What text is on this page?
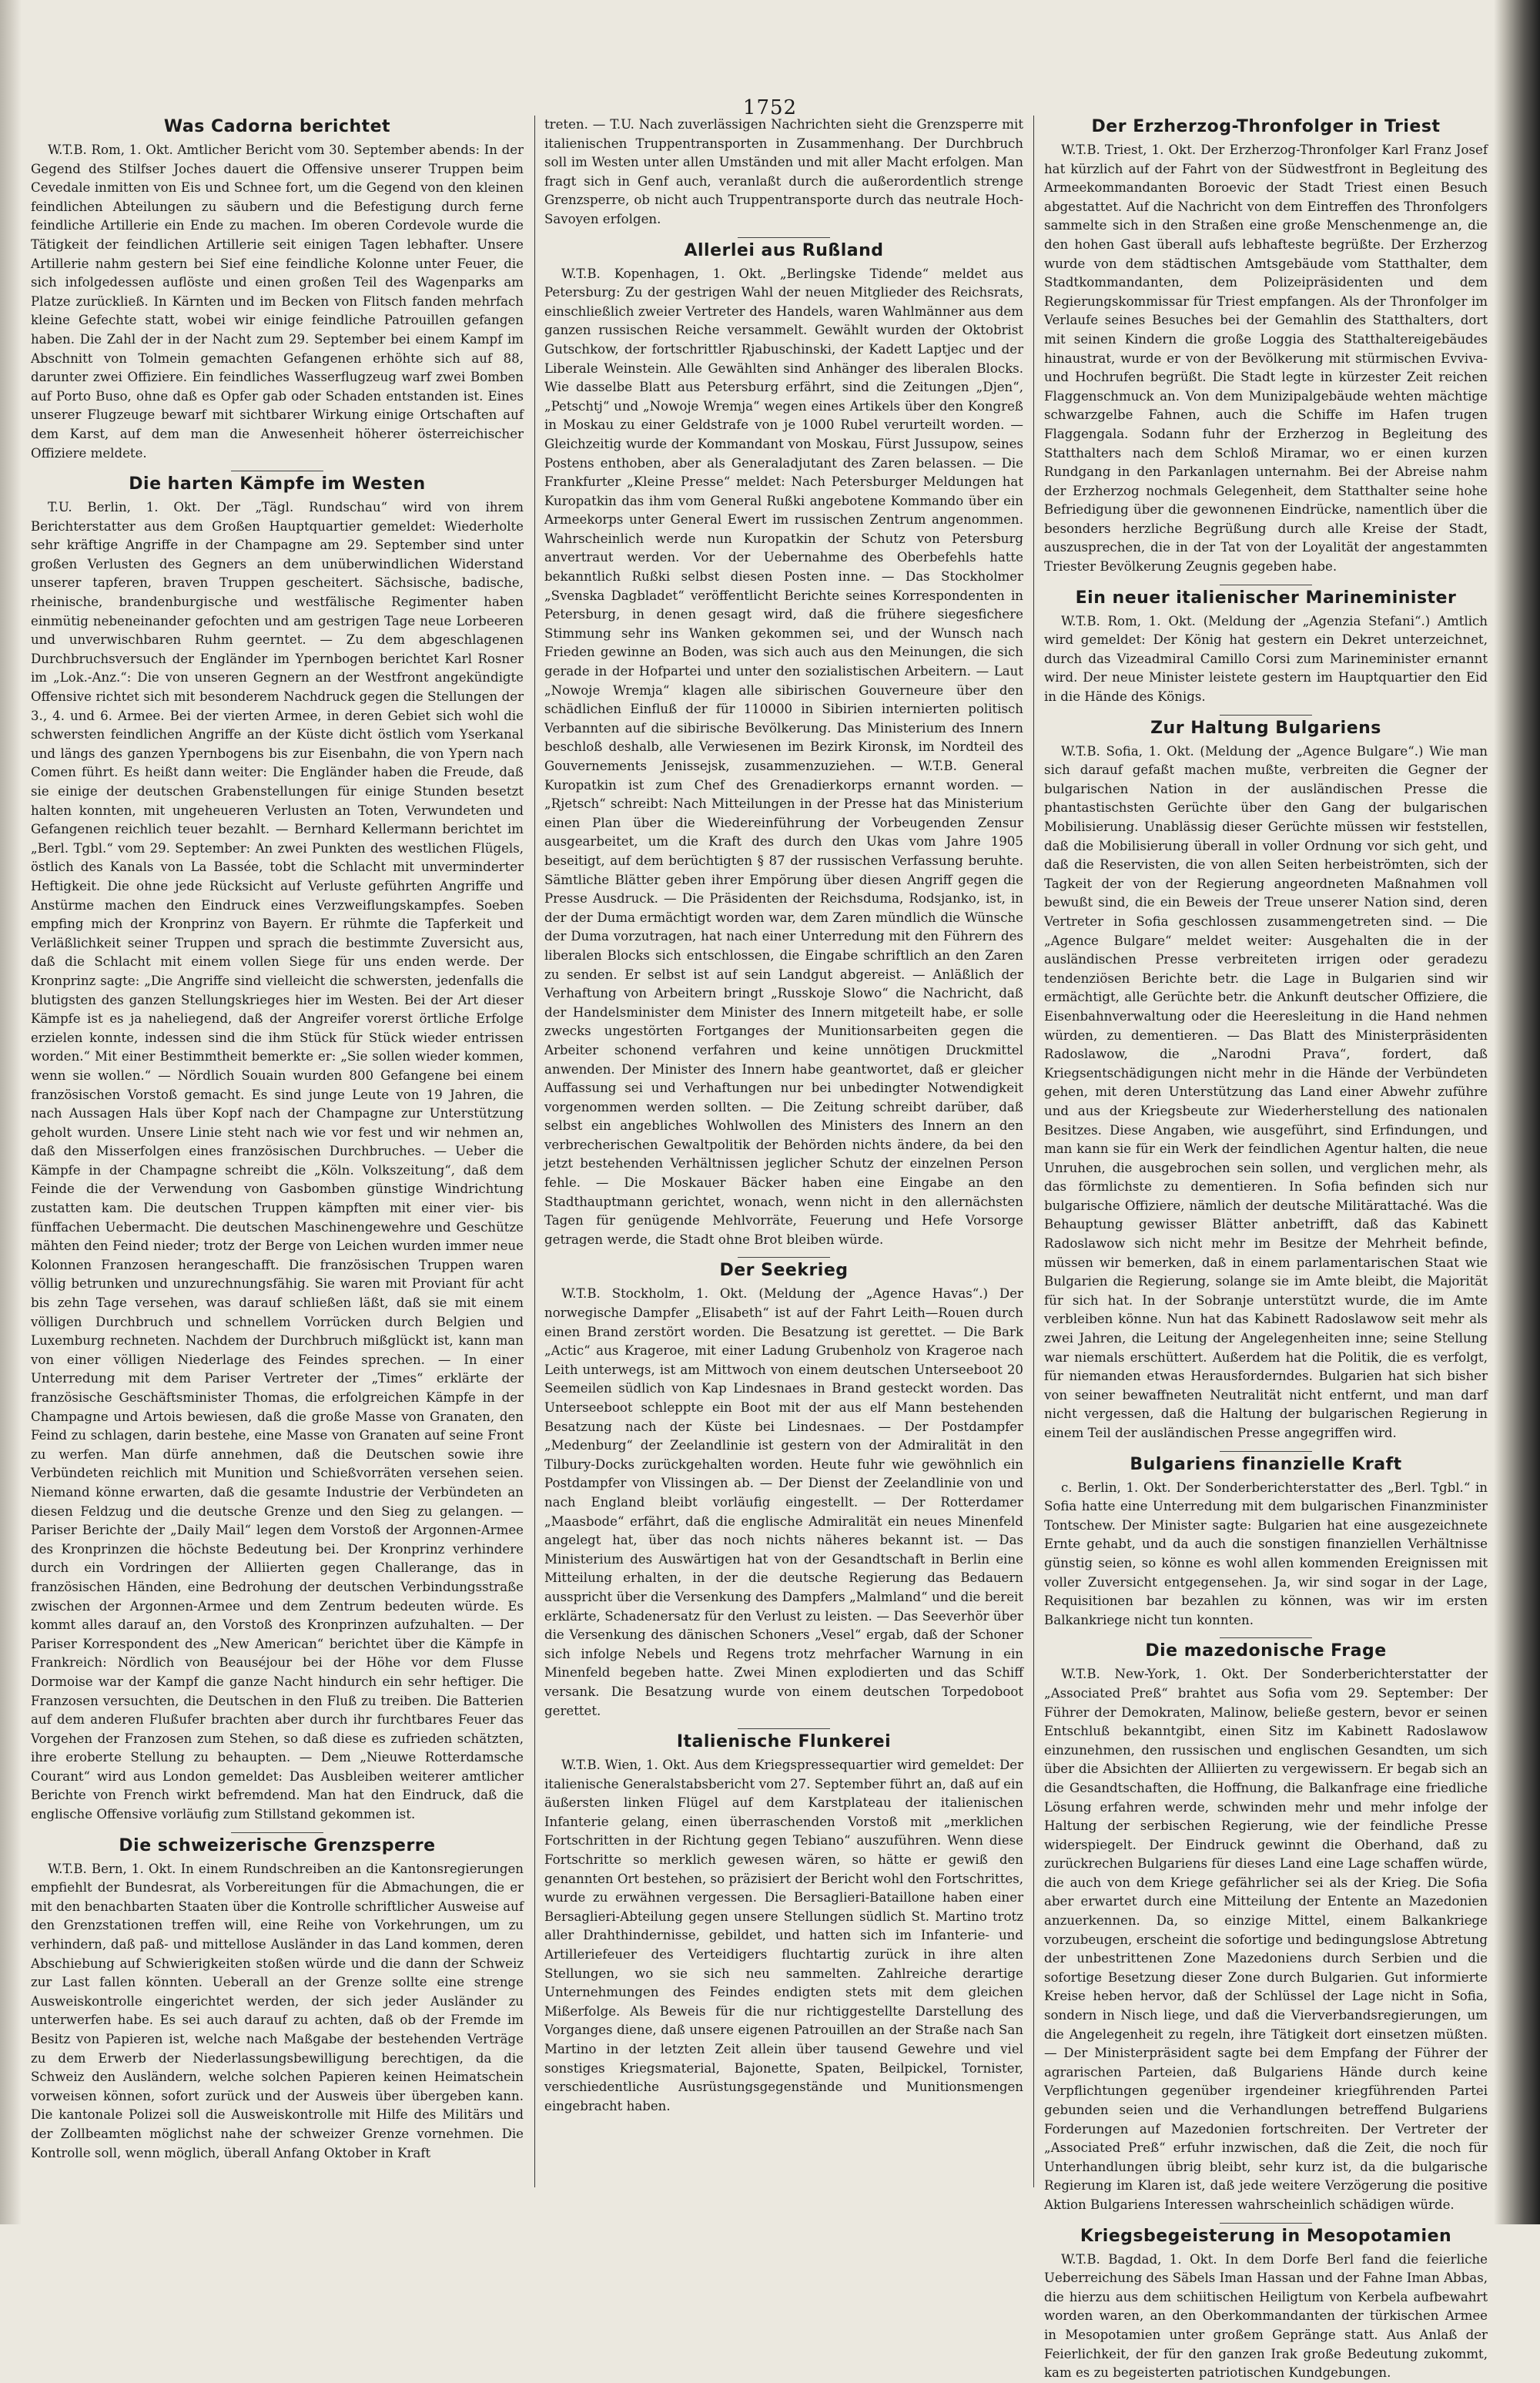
1752
Was Cadorna berichtet

W.T.B. Rom, 1. Okt. Amtlicher Bericht vom 30. September abends: In der Gegend des Stilfser Joches dauert die Offensive unserer Truppen beim Cevedale inmitten von Eis und Schnee fort, um die Gegend von den kleinen feindlichen Abteilungen zu säubern und die Befestigung durch ferne feindliche Artillerie ein Ende zu machen. Im oberen Cordevole wurde die Tätigkeit der feindlichen Artillerie seit einigen Tagen lebhafter. Unsere Artillerie nahm gestern bei Sief eine feindliche Kolonne unter Feuer, die sich infolgedessen auflöste und einen großen Teil des Wagenparks am Platze zurückließ. In Kärnten und im Becken von Flitsch fanden mehrfach kleine Gefechte statt, wobei wir einige feindliche Patrouillen gefangen haben. Die Zahl der in der Nacht zum 29. September bei einem Kampf im Abschnitt von Tolmein gemachten Gefangenen erhöhte sich auf 88, darunter zwei Offiziere. Ein feindliches Wasserflugzeug warf zwei Bomben auf Porto Buso, ohne daß es Opfer gab oder Schaden entstanden ist. Eines unserer Flugzeuge bewarf mit sichtbarer Wirkung einige Ortschaften auf dem Karst, auf dem man die Anwesenheit höherer österreichischer Offiziere meldete.

Die harten Kämpfe im Westen

T.U. Berlin, 1. Okt. Der „Tägl. Rundschau“ wird von ihrem Berichterstatter aus dem Großen Hauptquartier gemeldet: Wiederholte sehr kräftige Angriffe in der Champagne am 29. September sind unter großen Verlusten des Gegners an dem unüberwindlichen Widerstand unserer tapferen, braven Truppen gescheitert. Sächsische, badische, rheinische, brandenburgische und westfälische Regimenter haben einmütig nebeneinander gefochten und am gestrigen Tage neue Lorbeeren und unverwischbaren Ruhm geerntet. — Zu dem abgeschlagenen Durchbruchsversuch der Engländer im Ypernbogen berichtet Karl Rosner im „Lok.-Anz.“: Die von unseren Gegnern an der Westfront angekündigte Offensive richtet sich mit besonderem Nachdruck gegen die Stellungen der 3., 4. und 6. Armee. Bei der vierten Armee, in deren Gebiet sich wohl die schwersten feindlichen Angriffe an der Küste dicht östlich vom Yserkanal und längs des ganzen Ypernbogens bis zur Eisenbahn, die von Ypern nach Comen führt. Es heißt dann weiter: Die Engländer haben die Freude, daß sie einige der deutschen Grabenstellungen für einige Stunden besetzt halten konnten, mit ungeheueren Verlusten an Toten, Verwundeten und Gefangenen reichlich teuer bezahlt. — Bernhard Kellermann berichtet im „Berl. Tgbl.“ vom 29. September: An zwei Punkten des westlichen Flügels, östlich des Kanals von La Bassée, tobt die Schlacht mit unverminderter Heftigkeit. Die ohne jede Rücksicht auf Verluste geführten Angriffe und Anstürme machen den Eindruck eines Verzweiflungskampfes. Soeben empfing mich der Kronprinz von Bayern. Er rühmte die Tapferkeit und Verläßlichkeit seiner Truppen und sprach die bestimmte Zuversicht aus, daß die Schlacht mit einem vollen Siege für uns enden werde. Der Kronprinz sagte: „Die Angriffe sind vielleicht die schwersten, jedenfalls die blutigsten des ganzen Stellungskrieges hier im Westen. Bei der Art dieser Kämpfe ist es ja naheliegend, daß der Angreifer vorerst örtliche Erfolge erzielen konnte, indessen sind die ihm Stück für Stück wieder entrissen worden.“ Mit einer Bestimmtheit bemerkte er: „Sie sollen wieder kommen, wenn sie wollen.“ — Nördlich Souain wurden 800 Gefangene bei einem französischen Vorstoß gemacht. Es sind junge Leute von 19 Jahren, die nach Aussagen Hals über Kopf nach der Champagne zur Unterstützung geholt wurden. Unsere Linie steht nach wie vor fest und wir nehmen an, daß den Misserfolgen eines französischen Durchbruches. — Ueber die Kämpfe in der Champagne schreibt die „Köln. Volkszeitung“, daß dem Feinde die der Verwendung von Gasbomben günstige Windrichtung zustatten kam. Die deutschen Truppen kämpften mit einer vier- bis fünffachen Uebermacht. Die deutschen Maschinengewehre und Geschütze mähten den Feind nieder; trotz der Berge von Leichen wurden immer neue Kolonnen Franzosen herangeschafft. Die französischen Truppen waren völlig betrunken und unzurechnungsfähig. Sie waren mit Proviant für acht bis zehn Tage versehen, was darauf schließen läßt, daß sie mit einem völligen Durchbruch und schnellem Vorrücken durch Belgien und Luxemburg rechneten. Nachdem der Durchbruch mißglückt ist, kann man von einer völligen Niederlage des Feindes sprechen. — In einer Unterredung mit dem Pariser Vertreter der „Times“ erklärte der französische Geschäftsminister Thomas, die erfolgreichen Kämpfe in der Champagne und Artois bewiesen, daß die große Masse von Granaten, den Feind zu schlagen, darin bestehe, eine Masse von Granaten auf seine Front zu werfen. Man dürfe annehmen, daß die Deutschen sowie ihre Verbündeten reichlich mit Munition und Schießvorräten versehen seien. Niemand könne erwarten, daß die gesamte Industrie der Verbündeten an diesen Feldzug und die deutsche Grenze und den Sieg zu gelangen. — Pariser Berichte der „Daily Mail“ legen dem Vorstoß der Argonnen-Armee des Kronprinzen die höchste Bedeutung bei. Der Kronprinz verhindere durch ein Vordringen der Alliierten gegen Challerange, das in französischen Händen, eine Bedrohung der deutschen Verbindungsstraße zwischen der Argonnen-Armee und dem Zentrum bedeuten würde. Es kommt alles darauf an, den Vorstoß des Kronprinzen aufzuhalten. — Der Pariser Korrespondent des „New American“ berichtet über die Kämpfe in Frankreich: Nördlich von Beauséjour bei der Höhe vor dem Flusse Dormoise war der Kampf die ganze Nacht hindurch ein sehr heftiger. Die Franzosen versuchten, die Deutschen in den Fluß zu treiben. Die Batterien auf dem anderen Flußufer brachten aber durch ihr furchtbares Feuer das Vorgehen der Franzosen zum Stehen, so daß diese es zufrieden schätzten, ihre eroberte Stellung zu behaupten. — Dem „Nieuwe Rotterdamsche Courant“ wird aus London gemeldet: Das Ausbleiben weiterer amtlicher Berichte von French wirkt befremdend. Man hat den Eindruck, daß die englische Offensive vorläufig zum Stillstand gekommen ist.

Die schweizerische Grenzsperre

W.T.B. Bern, 1. Okt. In einem Rundschreiben an die Kantonsregierungen empfiehlt der Bundesrat, als Vorbereitungen für die Abmachungen, die er mit den benachbarten Staaten über die Kontrolle schriftlicher Ausweise auf den Grenzstationen treffen will, eine Reihe von Vorkehrungen, um zu verhindern, daß paß- und mittellose Ausländer in das Land kommen, deren Abschiebung auf Schwierigkeiten stoßen würde und die dann der Schweiz zur Last fallen könnten. Ueberall an der Grenze sollte eine strenge Ausweiskontrolle eingerichtet werden, der sich jeder Ausländer zu unterwerfen habe. Es sei auch darauf zu achten, daß ob der Fremde im Besitz von Papieren ist, welche nach Maßgabe der bestehenden Verträge zu dem Erwerb der Niederlassungsbewilligung berechtigen, da die Schweiz den Ausländern, welche solchen Papieren keinen Heimatschein vorweisen können, sofort zurück und der Ausweis über übergeben kann. Die kantonale Polizei soll die Ausweiskontrolle mit Hilfe des Militärs und der Zollbeamten möglichst nahe der schweizer Grenze vornehmen. Die Kontrolle soll, wenn möglich, überall Anfang Oktober in Kraft

treten. — T.U. Nach zuverlässigen Nachrichten sieht die Grenzsperre mit italienischen Truppentransporten in Zusammenhang. Der Durchbruch soll im Westen unter allen Umständen und mit aller Macht erfolgen. Man fragt sich in Genf auch, veranlaßt durch die außerordentlich strenge Grenzsperre, ob nicht auch Truppentransporte durch das neutrale Hoch-Savoyen erfolgen.

Allerlei aus Rußland

W.T.B. Kopenhagen, 1. Okt. „Berlingske Tidende“ meldet aus Petersburg: Zu der gestrigen Wahl der neuen Mitglieder des Reichsrats, einschließlich zweier Vertreter des Handels, waren Wahlmänner aus dem ganzen russischen Reiche versammelt. Gewählt wurden der Oktobrist Gutschkow, der fortschrittler Rjabuschinski, der Kadett Laptjec und der Liberale Weinstein. Alle Gewählten sind Anhänger des liberalen Blocks. Wie dasselbe Blatt aus Petersburg erfährt, sind die Zeitungen „Djen“, „Petschtj“ und „Nowoje Wremja“ wegen eines Artikels über den Kongreß in Moskau zu einer Geldstrafe von je 1000 Rubel verurteilt worden. — Gleichzeitig wurde der Kommandant von Moskau, Fürst Jussupow, seines Postens enthoben, aber als Generaladjutant des Zaren belassen. — Die Frankfurter „Kleine Presse“ meldet: Nach Petersburger Meldungen hat Kuropatkin das ihm vom General Rußki angebotene Kommando über ein Armeekorps unter General Ewert im russischen Zentrum angenommen. Wahrscheinlich werde nun Kuropatkin der Schutz von Petersburg anvertraut werden. Vor der Uebernahme des Oberbefehls hatte bekanntlich Rußki selbst diesen Posten inne. — Das Stockholmer „Svenska Dagbladet“ veröffentlicht Berichte seines Korrespondenten in Petersburg, in denen gesagt wird, daß die frühere siegesfichere Stimmung sehr ins Wanken gekommen sei, und der Wunsch nach Frieden gewinne an Boden, was sich auch aus den Meinungen, die sich gerade in der Hofpartei und unter den sozialistischen Arbeitern. — Laut „Nowoje Wremja“ klagen alle sibirischen Gouverneure über den schädlichen Einfluß der für 110000 in Sibirien internierten politisch Verbannten auf die sibirische Bevölkerung. Das Ministerium des Innern beschloß deshalb, alle Verwiesenen im Bezirk Kironsk, im Nordteil des Gouvernements Jenissejsk, zusammenzuziehen. — W.T.B. General Kuropatkin ist zum Chef des Grenadierkorps ernannt worden. — „Rjetsch“ schreibt: Nach Mitteilungen in der Presse hat das Ministerium einen Plan über die Wiedereinführung der Vorbeugenden Zensur ausgearbeitet, um die Kraft des durch den Ukas vom Jahre 1905 beseitigt, auf dem berüchtigten § 87 der russischen Verfassung beruhte. Sämtliche Blätter geben ihrer Empörung über diesen Angriff gegen die Presse Ausdruck. — Die Präsidenten der Reichsduma, Rodsjanko, ist, in der der Duma ermächtigt worden war, dem Zaren mündlich die Wünsche der Duma vorzutragen, hat nach einer Unterredung mit den Führern des liberalen Blocks sich entschlossen, die Eingabe schriftlich an den Zaren zu senden. Er selbst ist auf sein Landgut abgereist. — Anläßlich der Verhaftung von Arbeitern bringt „Russkoje Slowo“ die Nachricht, daß der Handelsminister dem Minister des Innern mitgeteilt habe, er solle zwecks ungestörten Fortganges der Munitionsarbeiten gegen die Arbeiter schonend verfahren und keine unnötigen Druckmittel anwenden. Der Minister des Innern habe geantwortet, daß er gleicher Auffassung sei und Verhaftungen nur bei unbedingter Notwendigkeit vorgenommen werden sollten. — Die Zeitung schreibt darüber, daß selbst ein angebliches Wohlwollen des Ministers des Innern an den verbrecherischen Gewaltpolitik der Behörden nichts ändere, da bei den jetzt bestehenden Verhältnissen jeglicher Schutz der einzelnen Person fehle. — Die Moskauer Bäcker haben eine Eingabe an den Stadthauptmann gerichtet, wonach, wenn nicht in den allernächsten Tagen für genügende Mehlvorräte, Feuerung und Hefe Vorsorge getragen werde, die Stadt ohne Brot bleiben würde.

Der Seekrieg

W.T.B. Stockholm, 1. Okt. (Meldung der „Agence Havas“.) Der norwegische Dampfer „Elisabeth“ ist auf der Fahrt Leith—Rouen durch einen Brand zerstört worden. Die Besatzung ist gerettet. — Die Bark „Actic“ aus Krageroe, mit einer Ladung Grubenholz von Krageroe nach Leith unterwegs, ist am Mittwoch von einem deutschen Unterseeboot 20 Seemeilen südlich von Kap Lindesnaes in Brand gesteckt worden. Das Unterseeboot schleppte ein Boot mit der aus elf Mann bestehenden Besatzung nach der Küste bei Lindesnaes. — Der Postdampfer „Medenburg“ der Zeelandlinie ist gestern von der Admiralität in den Tilbury-Docks zurückgehalten worden. Heute fuhr wie gewöhnlich ein Postdampfer von Vlissingen ab. — Der Dienst der Zeelandlinie von und nach England bleibt vorläufig eingestellt. — Der Rotterdamer „Maasbode“ erfährt, daß die englische Admiralität ein neues Minenfeld angelegt hat, über das noch nichts näheres bekannt ist. — Das Ministerium des Auswärtigen hat von der Gesandtschaft in Berlin eine Mitteilung erhalten, in der die deutsche Regierung das Bedauern ausspricht über die Versenkung des Dampfers „Malmland“ und die bereit erklärte, Schadenersatz für den Verlust zu leisten. — Das Seeverhör über die Versenkung des dänischen Schoners „Vesel“ ergab, daß der Schoner sich infolge Nebels und Regens trotz mehrfacher Warnung in ein Minenfeld begeben hatte. Zwei Minen explodierten und das Schiff versank. Die Besatzung wurde von einem deutschen Torpedoboot gerettet.

Italienische Flunkerei

W.T.B. Wien, 1. Okt. Aus dem Kriegspressequartier wird gemeldet: Der italienische Generalstabsbericht vom 27. September führt an, daß auf ein äußersten linken Flügel auf dem Karstplateau der italienischen Infanterie gelang, einen überraschenden Vorstoß mit „merklichen Fortschritten in der Richtung gegen Tebiano“ auszuführen. Wenn diese Fortschritte so merklich gewesen wären, so hätte er gewiß den genannten Ort bestehen, so präzisiert der Bericht wohl den Fortschrittes, wurde zu erwähnen vergessen. Die Bersaglieri-Bataillone haben einer Bersaglieri-Abteilung gegen unsere Stellungen südlich St. Martino trotz aller Drahthindernisse, gebildet, und hatten sich im Infanterie- und Artilleriefeuer des Verteidigers fluchtartig zurück in ihre alten Stellungen, wo sie sich neu sammelten. Zahlreiche derartige Unternehmungen des Feindes endigten stets mit dem gleichen Mißerfolge. Als Beweis für die nur richtiggestellte Darstellung des Vorganges diene, daß unsere eigenen Patrouillen an der Straße nach San Martino in der letzten Zeit allein über tausend Gewehre und viel sonstiges Kriegsmaterial, Bajonette, Spaten, Beilpickel, Tornister, verschiedentliche Ausrüstungsgegenstände und Munitionsmengen eingebracht haben.

Der Erzherzog-Thronfolger in Triest

W.T.B. Triest, 1. Okt. Der Erzherzog-Thronfolger Karl Franz Josef hat kürzlich auf der Fahrt von der Südwestfront in Begleitung des Armeekommandanten Boroevic der Stadt Triest einen Besuch abgestattet. Auf die Nachricht von dem Eintreffen des Thronfolgers sammelte sich in den Straßen eine große Menschenmenge an, die den hohen Gast überall aufs lebhafteste begrüßte. Der Erzherzog wurde von dem städtischen Amtsgebäude vom Statthalter, dem Stadtkommandanten, dem Polizeipräsidenten und dem Regierungskommissar für Triest empfangen. Als der Thronfolger im Verlaufe seines Besuches bei der Gemahlin des Statthalters, dort mit seinen Kindern die große Loggia des Statthaltereigebäudes hinaustrat, wurde er von der Bevölkerung mit stürmischen Evviva- und Hochrufen begrüßt. Die Stadt legte in kürzester Zeit reichen Flaggenschmuck an. Von dem Munizipalgebäude wehten mächtige schwarzgelbe Fahnen, auch die Schiffe im Hafen trugen Flaggengala. Sodann fuhr der Erzherzog in Begleitung des Statthalters nach dem Schloß Miramar, wo er einen kurzen Rundgang in den Parkanlagen unternahm. Bei der Abreise nahm der Erzherzog nochmals Gelegenheit, dem Statthalter seine hohe Befriedigung über die gewonnenen Eindrücke, namentlich über die besonders herzliche Begrüßung durch alle Kreise der Stadt, auszusprechen, die in der Tat von der Loyalität der angestammten Triester Bevölkerung Zeugnis gegeben habe.

Ein neuer italienischer Marineminister

W.T.B. Rom, 1. Okt. (Meldung der „Agenzia Stefani“.) Amtlich wird gemeldet: Der König hat gestern ein Dekret unterzeichnet, durch das Vizeadmiral Camillo Corsi zum Marineminister ernannt wird. Der neue Minister leistete gestern im Hauptquartier den Eid in die Hände des Königs.

Zur Haltung Bulgariens

W.T.B. Sofia, 1. Okt. (Meldung der „Agence Bulgare“.) Wie man sich darauf gefaßt machen mußte, verbreiten die Gegner der bulgarischen Nation in der ausländischen Presse die phantastischsten Gerüchte über den Gang der bulgarischen Mobilisierung. Unablässig dieser Gerüchte müssen wir feststellen, daß die Mobilisierung überall in voller Ordnung vor sich geht, und daß die Reservisten, die von allen Seiten herbeiströmten, sich der Tagkeit der von der Regierung angeordneten Maßnahmen voll bewußt sind, die ein Beweis der Treue unserer Nation sind, deren Vertreter in Sofia geschlossen zusammengetreten sind. — Die „Agence Bulgare“ meldet weiter: Ausgehalten die in der ausländischen Presse verbreiteten irrigen oder geradezu tendenziösen Berichte betr. die Lage in Bulgarien sind wir ermächtigt, alle Gerüchte betr. die Ankunft deutscher Offiziere, die Eisenbahnverwaltung oder die Heeresleitung in die Hand nehmen würden, zu dementieren. — Das Blatt des Ministerpräsidenten Radoslawow, die „Narodni Prava“, fordert, daß Kriegsentschädigungen nicht mehr in die Hände der Verbündeten gehen, mit deren Unterstützung das Land einer Abwehr zuführe und aus der Kriegsbeute zur Wiederherstellung des nationalen Besitzes. Diese Angaben, wie ausgeführt, sind Erfindungen, und man kann sie für ein Werk der feindlichen Agentur halten, die neue Unruhen, die ausgebrochen sein sollen, und verglichen mehr, als das förmlichste zu dementieren. In Sofia befinden sich nur bulgarische Offiziere, nämlich der deutsche Militärattaché. Was die Behauptung gewisser Blätter anbetrifft, daß das Kabinett Radoslawow sich nicht mehr im Besitze der Mehrheit befinde, müssen wir bemerken, daß in einem parlamentarischen Staat wie Bulgarien die Regierung, solange sie im Amte bleibt, die Majorität für sich hat. In der Sobranje unterstützt wurde, die im Amte verbleiben könne. Nun hat das Kabinett Radoslawow seit mehr als zwei Jahren, die Leitung der Angelegenheiten inne; seine Stellung war niemals erschüttert. Außerdem hat die Politik, die es verfolgt, für niemanden etwas Herausforderndes. Bulgarien hat sich bisher von seiner bewaffneten Neutralität nicht entfernt, und man darf nicht vergessen, daß die Haltung der bulgarischen Regierung in einem Teil der ausländischen Presse angegriffen wird.

Bulgariens finanzielle Kraft

c. Berlin, 1. Okt. Der Sonderberichterstatter des „Berl. Tgbl.“ in Sofia hatte eine Unterredung mit dem bulgarischen Finanzminister Tontschew. Der Minister sagte: Bulgarien hat eine ausgezeichnete Ernte gehabt, und da auch die sonstigen finanziellen Verhältnisse günstig seien, so könne es wohl allen kommenden Ereignissen mit voller Zuversicht entgegensehen. Ja, wir sind sogar in der Lage, Requisitionen bar bezahlen zu können, was wir im ersten Balkankriege nicht tun konnten.

Die mazedonische Frage

W.T.B. New-York, 1. Okt. Der Sonderberichterstatter der „Associated Preß“ brahtet aus Sofia vom 29. September: Der Führer der Demokraten, Malinow, beließe gestern, bevor er seinen Entschluß bekanntgibt, einen Sitz im Kabinett Radoslawow einzunehmen, den russischen und englischen Gesandten, um sich über die Absichten der Alliierten zu vergewissern. Er begab sich an die Gesandtschaften, die Hoffnung, die Balkanfrage eine friedliche Lösung erfahren werde, schwinden mehr und mehr infolge der Haltung der serbischen Regierung, wie der feindliche Presse widerspiegelt. Der Eindruck gewinnt die Oberhand, daß zu zurückrechen Bulgariens für dieses Land eine Lage schaffen würde, die auch von dem Kriege gefährlicher sei als der Krieg. Die Sofia aber erwartet durch eine Mitteilung der Entente an Mazedonien anzuerkennen. Da, so einzige Mittel, einem Balkankriege vorzubeugen, erscheint die sofortige und bedingungslose Abtretung der unbestrittenen Zone Mazedoniens durch Serbien und die sofortige Besetzung dieser Zone durch Bulgarien. Gut informierte Kreise heben hervor, daß der Schlüssel der Lage nicht in Sofia, sondern in Nisch liege, und daß die Vierverbandsregierungen, um die Angelegenheit zu regeln, ihre Tätigkeit dort einsetzen müßten. — Der Ministerpräsident sagte bei dem Empfang der Führer der agrarischen Parteien, daß Bulgariens Hände durch keine Verpflichtungen gegenüber irgendeiner kriegführenden Partei gebunden seien und die Verhandlungen betreffend Bulgariens Forderungen auf Mazedonien fortschreiten. Der Vertreter der „Associated Preß“ erfuhr inzwischen, daß die Zeit, die noch für Unterhandlungen übrig bleibt, sehr kurz ist, da die bulgarische Regierung im Klaren ist, daß jede weitere Verzögerung die positive Aktion Bulgariens Interessen wahrscheinlich schädigen würde.

Kriegsbegeisterung in Mesopotamien

W.T.B. Bagdad, 1. Okt. In dem Dorfe Berl fand die feierliche Ueberreichung des Säbels Iman Hassan und der Fahne Iman Abbas, die hierzu aus dem schiitischen Heiligtum von Kerbela aufbewahrt worden waren, an den Oberkommandanten der türkischen Armee in Mesopotamien unter großem Gepränge statt. Aus Anlaß der Feierlichkeit, der für den ganzen Irak große Bedeutung zukommt, kam es zu begeisterten patriotischen Kundgebungen.
